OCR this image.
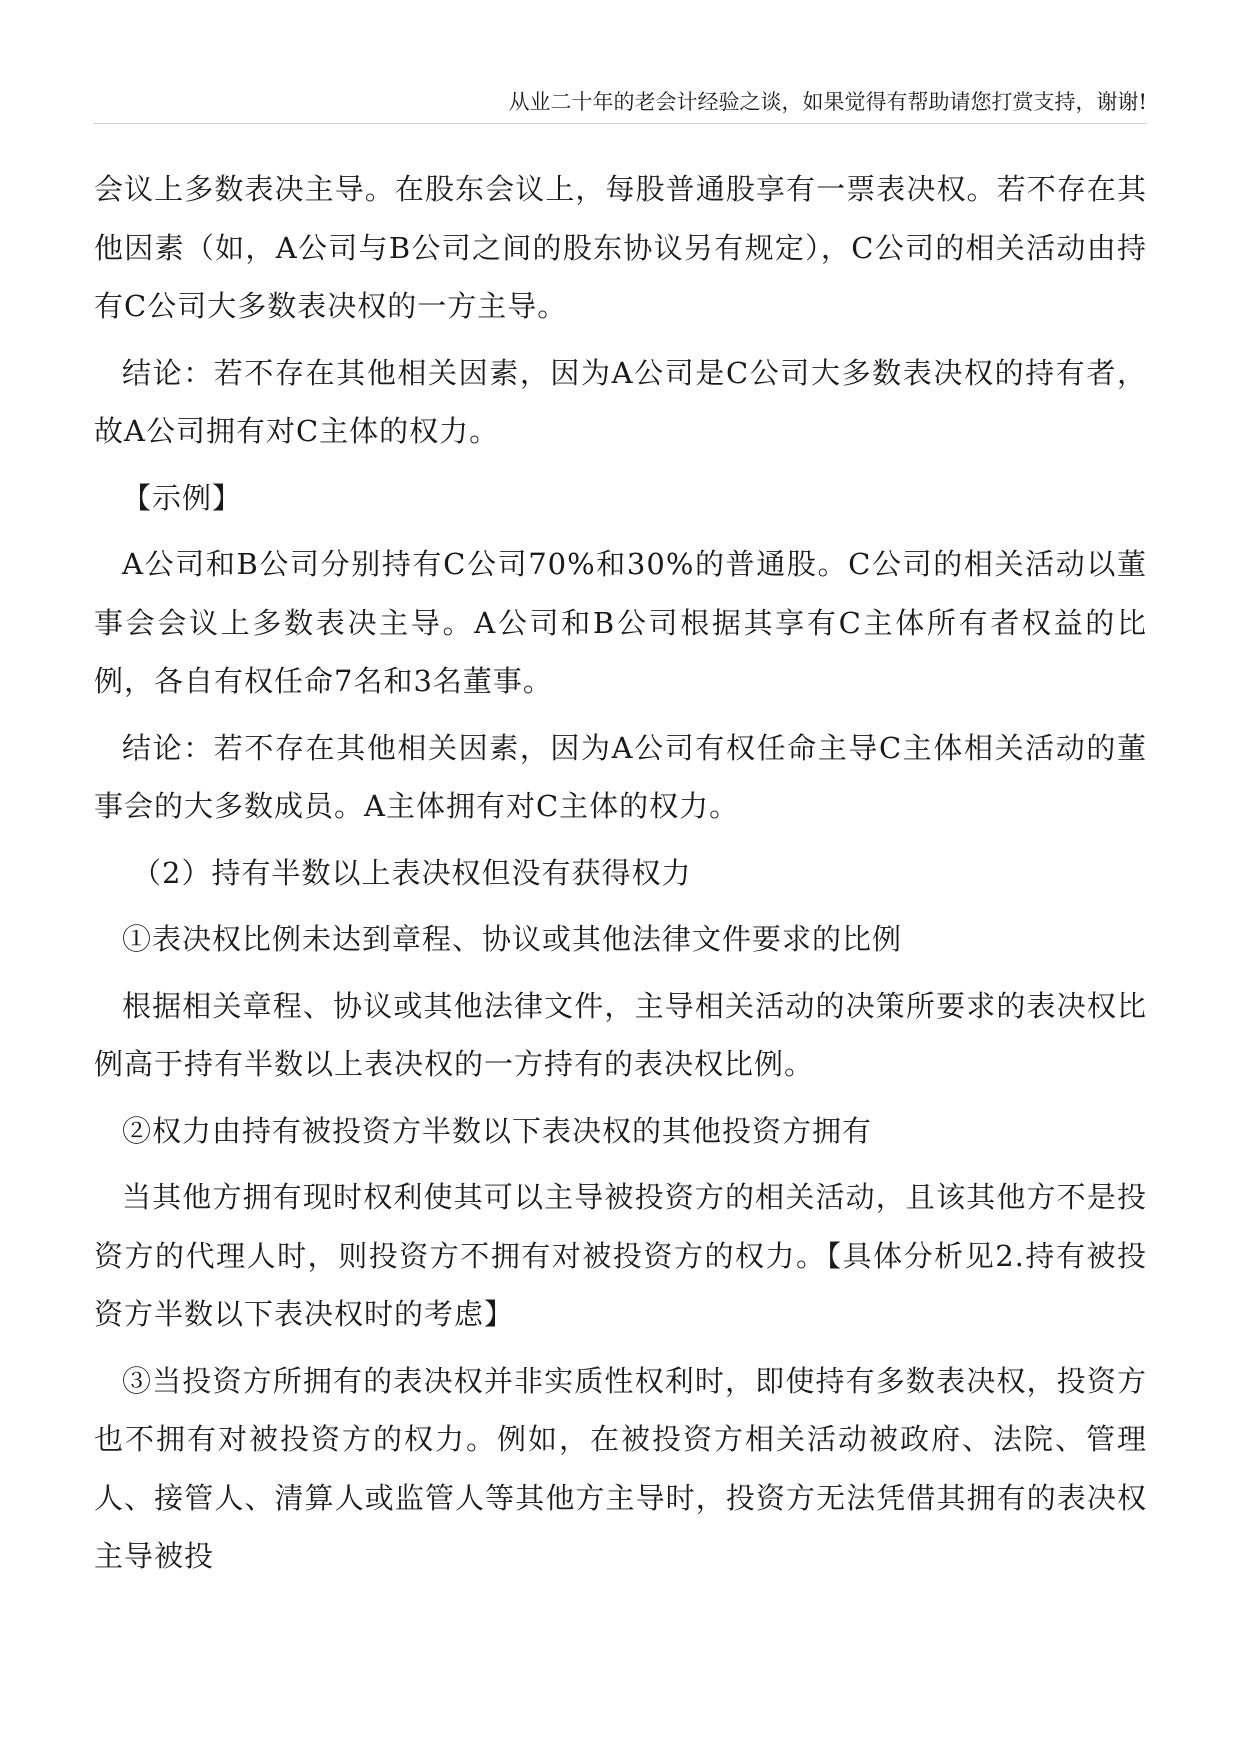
从业二十年的老会计经验之谈，如果觉得有帮助请您打赏支持，谢谢!

会议上多数表决主导。在股东会议上，每股普通股享有一票表决权。若不存在其他因素（如，A公司与B公司之间的股东协议另有规定），C公司的相关活动由持有C公司大多数表决权的一方主导。

结论：若不存在其他相关因素，因为A公司是C公司大多数表决权的持有者，故A公司拥有对C主体的权力。

【示例】

A公司和B公司分别持有C公司70%和30%的普通股。C公司的相关活动以董事会会议上多数表决主导。A公司和B公司根据其享有C主体所有者权益的比例，各自有权任命7名和3名董事。

结论：若不存在其他相关因素，因为A公司有权任命主导C主体相关活动的董事会的大多数成员。A主体拥有对C主体的权力。

（2）持有半数以上表决权但没有获得权力

①表决权比例未达到章程、协议或其他法律文件要求的比例

根据相关章程、协议或其他法律文件，主导相关活动的决策所要求的表决权比例高于持有半数以上表决权的一方持有的表决权比例。

②权力由持有被投资方半数以下表决权的其他投资方拥有

当其他方拥有现时权利使其可以主导被投资方的相关活动，且该其他方不是投资方的代理人时，则投资方不拥有对被投资方的权力。【具体分析见2.持有被投资方半数以下表决权时的考虑】

③当投资方所拥有的表决权并非实质性权利时，即使持有多数表决权，投资方也不拥有对被投资方的权力。例如，在被投资方相关活动被政府、法院、管理人、接管人、清算人或监管人等其他方主导时，投资方无法凭借其拥有的表决权主导被投
